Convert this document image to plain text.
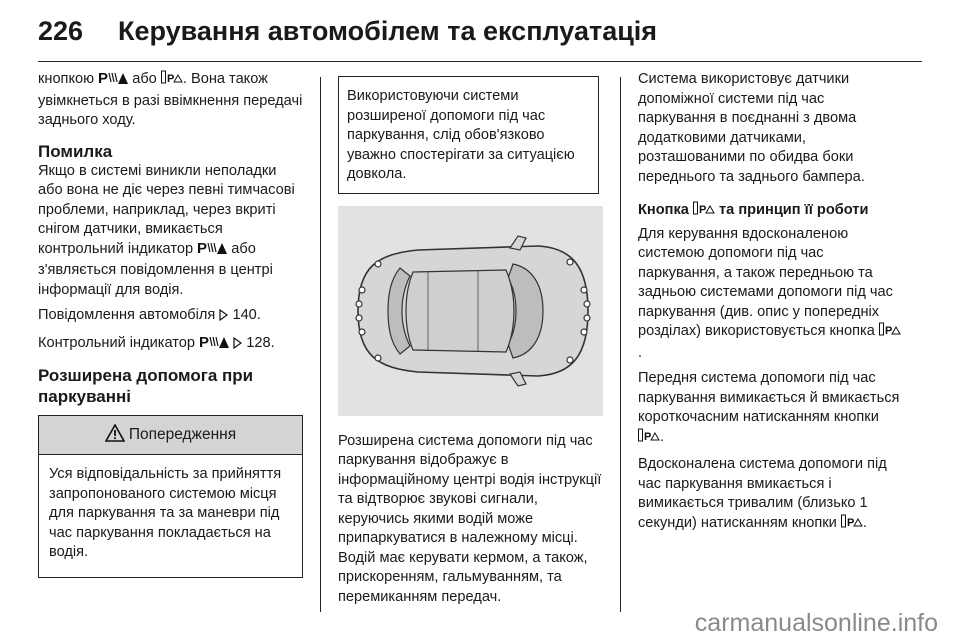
226 Керування автомобілем та експлуатація

кнопкою P або P . Вона також увімкнеться в разі ввімкнення передачі заднього ходу.

Помилка

Якщо в системі виникли неполадки або вона не діє через певні тимчасові проблеми, наприклад, через вкриті снігом датчики, вмикається контрольний індикатор P або з'являється повідомлення в центрі інформації для водія.

Повідомлення автомобіля 140.

Контрольний індикатор P	128.

Розширена допомога при паркуванні
Попередження
Уся відповідальність за прийняття запропонованого системою місця для паркування та за маневри під час паркування покладається на водія.
Використовуючи системи розширеної допомоги під час паркування, слід обов'язково уважно спостерігати за ситуацією довкола.

Розширена система допомоги під час паркування відображує в інформаційному центрі водія інструкції та відтворює звукові сигнали, керуючись якими водій може припаркуватися в належному місці. Водій має керувати кермом, а також, прискоренням, гальмуванням, та перемиканням передач.

Система використовує датчики допоміжної системи під час паркування в поєднанні з двома додатковими датчиками, розташованими по обидва боки переднього та заднього бампера.

Кнопка P та принцип її роботи

Для керування вдосконаленою системою допомоги під час паркування, а також передньою та задньою системами допомоги під час паркування (див. опис у попередніх розділах) використовується кнопка P
.

Передня система допомоги під час паркування вимикається й вмикається короткочасним натисканням кнопки
P .

Вдосконалена система допомоги під час паркування вмикається і вимикається тривалим (близько 1 секунди) натисканням кнопки P .

carmanualsonline.info
